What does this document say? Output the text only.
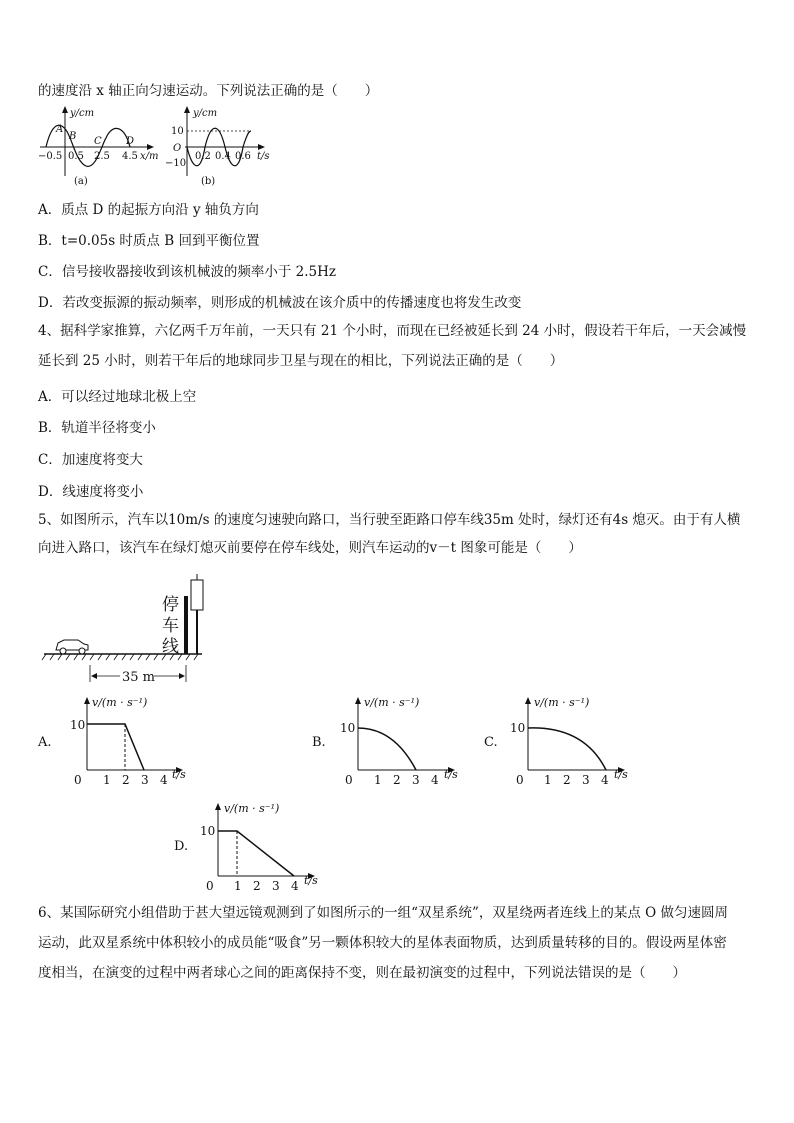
的速度沿 x 轴正向匀速运动。下列说法正确的是（　　）
y/cm
A
B C D
−0.5 0.5 2.5 4.5 x/m
(a)
y/cm
10
O
−10
0.2 0.4 0.6 t/s
(b)
A．质点 D 的起振方向沿 y 轴负方向
B．t=0.05s 时质点 B 回到平衡位置
C．信号接收器接收到该机械波的频率小于 2.5Hz
D．若改变振源的振动频率，则形成的机械波在该介质中的传播速度也将发生改变
4、据科学家推算，六亿两千万年前，一天只有 21 个小时，而现在已经被延长到 24 小时，假设若干年后，一天会减慢
延长到 25 小时，则若干年后的地球同步卫星与现在的相比，下列说法正确的是（　　）
A．可以经过地球北极上空
B．轨道半径将变小
C．加速度将变大
D．线速度将变小
5、如图所示，汽车以10m/s 的速度匀速驶向路口，当行驶至距路口停车线35m 处时，绿灯还有4s 熄灭。由于有人横
向进入路口，该汽车在绿灯熄灭前要停在停车线处，则汽车运动的v－t 图象可能是（　　）
停
车
线
35 m
A.
v/(m · s⁻¹)
10
0 1 2 3 4 t/s
B.
v/(m · s⁻¹)
10
0 1 2 3 4 t/s
C.
v/(m · s⁻¹)
10
0 1 2 3 4 t/s
D.
v/(m · s⁻¹)
10
0 1 2 3 4 t/s
6、某国际研究小组借助于甚大望远镜观测到了如图所示的一组“双星系统”，双星绕两者连线上的某点 O 做匀速圆周
运动，此双星系统中体积较小的成员能“吸食”另一颗体积较大的星体表面物质，达到质量转移的目的。假设两星体密
度相当，在演变的过程中两者球心之间的距离保持不变，则在最初演变的过程中，下列说法错误的是（　　）
